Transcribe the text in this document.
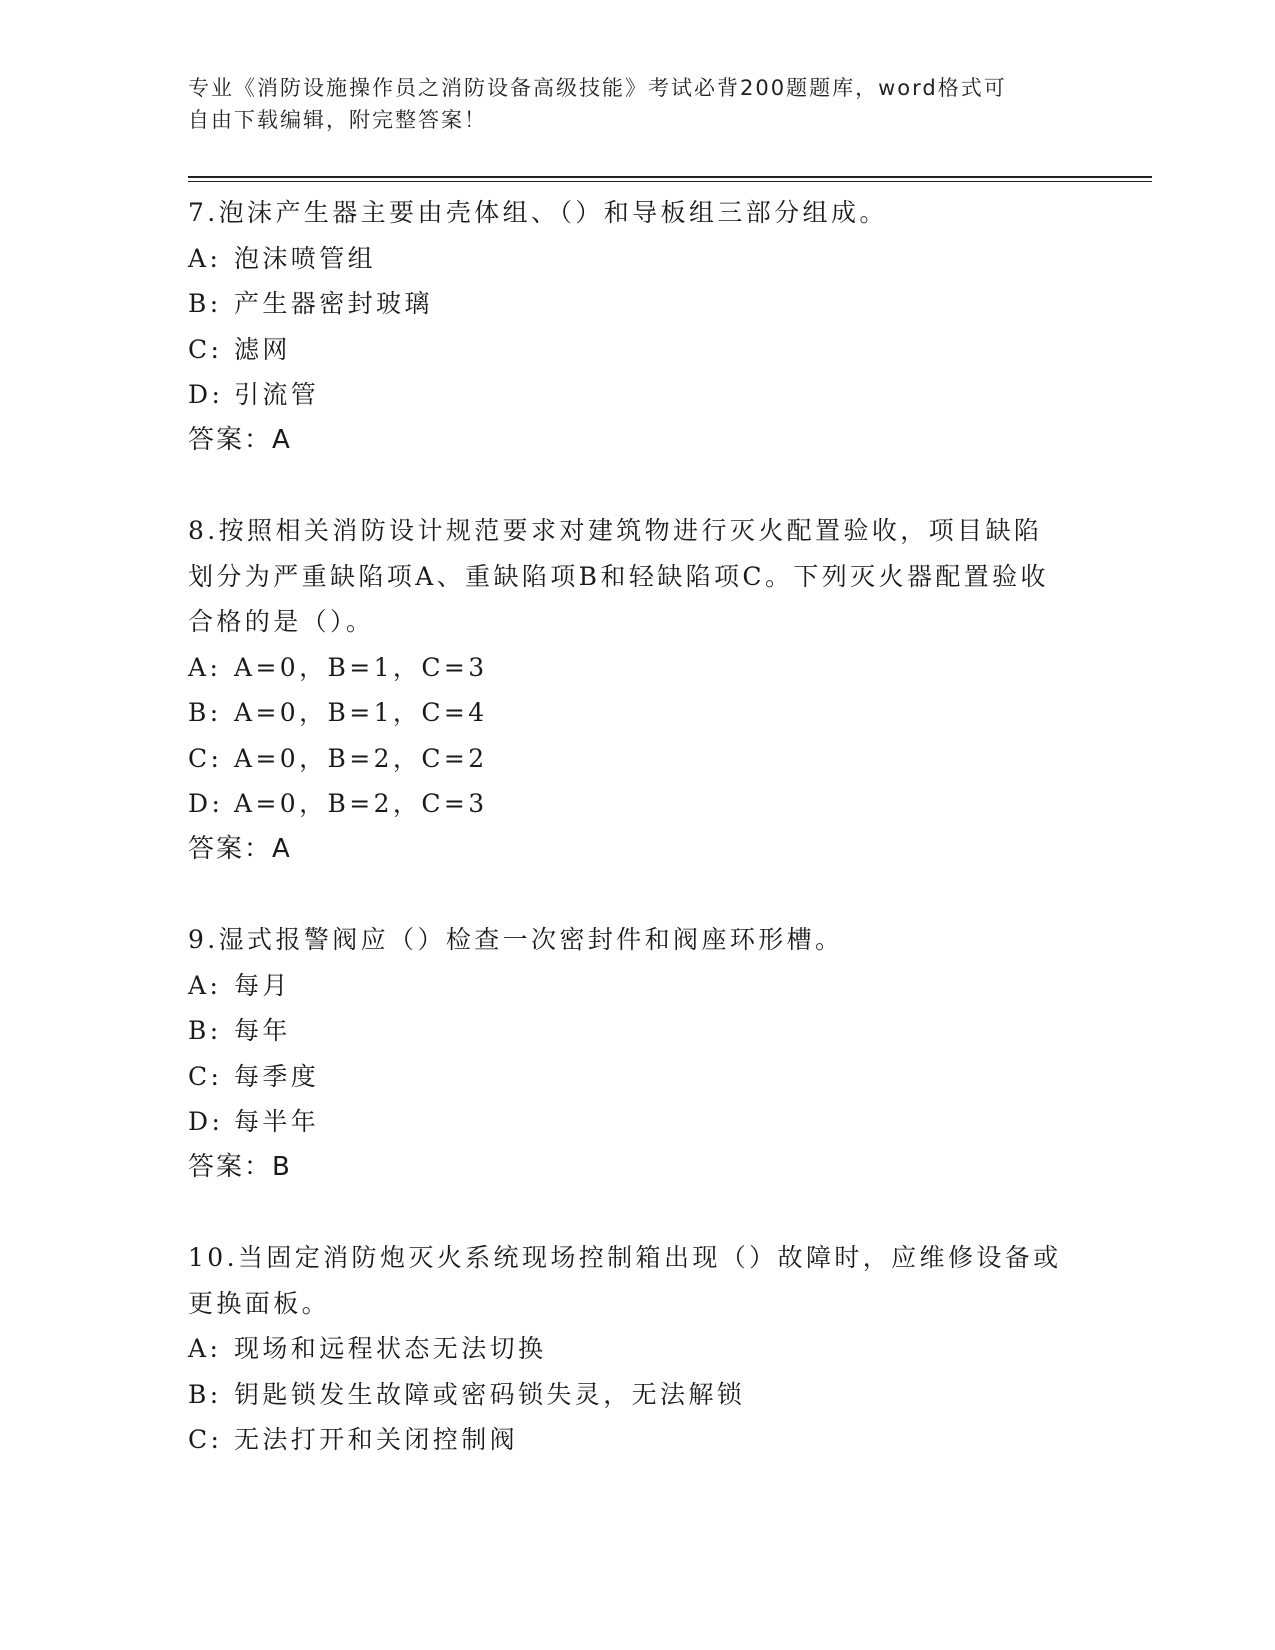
专业《消防设施操作员之消防设备高级技能》考试必背200题题库，word格式可
自由下载编辑，附完整答案！

7.泡沫产生器主要由壳体组、（）和导板组三部分组成。

A: 泡沫喷管组
B: 产生器密封玻璃
C: 滤网
D: 引流管

答案：A

8.按照相关消防设计规范要求对建筑物进行灭火配置验收，项目缺陷

划分为严重缺陷项A、重缺陷项B和轻缺陷项C。下列灭火器配置验收

合格的是（）。

A: A=0，B=1，C=3
B: A=0，B=1，C=4
C: A=0，B=2，C=2
D: A=0，B=2，C=3

答案：A

9.湿式报警阀应（）检查一次密封件和阀座环形槽。

A: 每月
B: 每年
C: 每季度
D: 每半年

答案：B

10.当固定消防炮灭火系统现场控制箱出现（）故障时，应维修设备或

更换面板。

A: 现场和远程状态无法切换
B: 钥匙锁发生故障或密码锁失灵，无法解锁
C: 无法打开和关闭控制阀
